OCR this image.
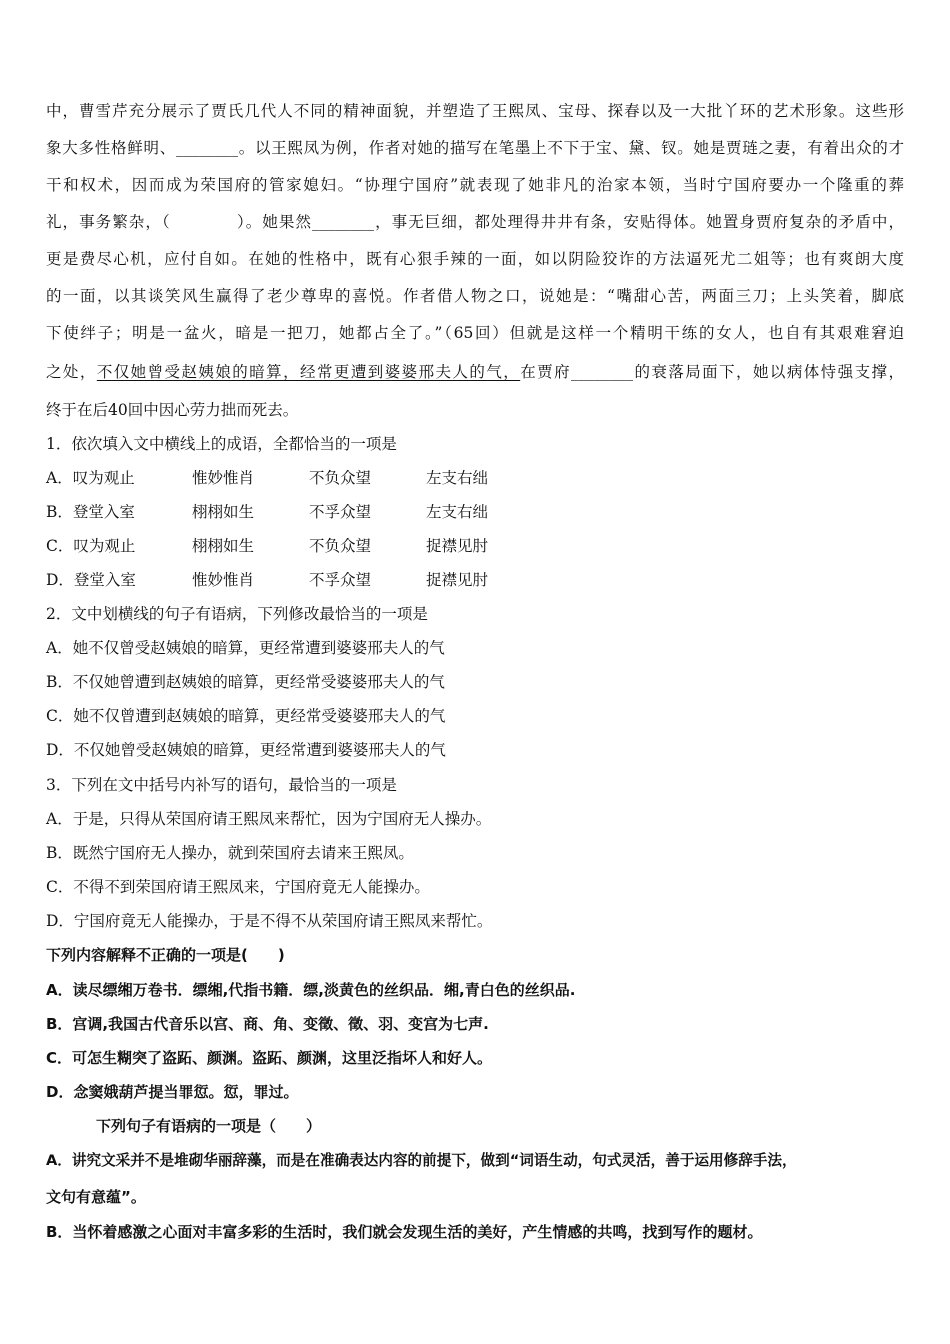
中，曹雪芹充分展示了贾氏几代人不同的精神面貌，并塑造了王熙凤、宝母、探春以及一大批丫环的艺术形象。这些形
象大多性格鲜明、________。以王熙凤为例，作者对她的描写在笔墨上不下于宝、黛、钗。她是贾琏之妻，有着出众的才
干和权术，因而成为荣国府的管家媳妇。“协理宁国府”就表现了她非凡的治家本领，当时宁国府要办一个隆重的葬
礼，事务繁杂，（　　　　）。她果然________，事无巨细，都处理得井井有条，安贴得体。她置身贾府复杂的矛盾中，
更是费尽心机，应付自如。在她的性格中，既有心狠手辣的一面，如以阴险狡诈的方法逼死尤二姐等；也有爽朗大度
的一面，以其谈笑风生赢得了老少尊卑的喜悦。作者借人物之口，说她是：“嘴甜心苦，两面三刀；上头笑着，脚底
下使绊子；明是一盆火，暗是一把刀，她都占全了。”（65回）但就是这样一个精明干练的女人，也自有其艰难窘迫
之处，不仅她曾受赵姨娘的暗算，经常更遭到婆婆邢夫人的气，在贾府________的衰落局面下，她以病体恃强支撑，
终于在后40回中因心劳力拙而死去。
1．依次填入文中横线上的成语，全都恰当的一项是
A．叹为观止	惟妙惟肖	不负众望	左支右绌
B．登堂入室	栩栩如生	不孚众望	左支右绌
C．叹为观止	栩栩如生	不负众望	捉襟见肘
D．登堂入室	惟妙惟肖	不孚众望	捉襟见肘
2．文中划横线的句子有语病，下列修改最恰当的一项是
A．她不仅曾受赵姨娘的暗算，更经常遭到婆婆邢夫人的气
B．不仅她曾遭到赵姨娘的暗算，更经常受婆婆邢夫人的气
C．她不仅曾遭到赵姨娘的暗算，更经常受婆婆邢夫人的气
D．不仅她曾受赵姨娘的暗算，更经常遭到婆婆邢夫人的气
3．下列在文中括号内补写的语句，最恰当的一项是
A．于是，只得从荣国府请王熙凤来帮忙，因为宁国府无人操办。
B．既然宁国府无人操办，就到荣国府去请来王熙凤。
C．不得不到荣国府请王熙凤来，宁国府竟无人能操办。
D．宁国府竟无人能操办，于是不得不从荣国府请王熙凤来帮忙。
下列内容解释不正确的一项是(　　)
A．读尽缥缃万卷书．缥缃,代指书籍．缥,淡黄色的丝织品．缃,青白色的丝织品.
B．宫调,我国古代音乐以宫、商、角、变徵、徵、羽、变宫为七声.
C．可怎生糊突了盗跖、颜渊。盗跖、颜渊，这里泛指坏人和好人。
D．念窦娥葫芦提当罪愆。愆，罪过。
下列句子有语病的一项是（　　）
A．讲究文采并不是堆砌华丽辞藻，而是在准确表达内容的前提下，做到“词语生动，句式灵活，善于运用修辞手法，
文句有意蕴”。
B．当怀着感激之心面对丰富多彩的生活时，我们就会发现生活的美好，产生情感的共鸣，找到写作的题材。
